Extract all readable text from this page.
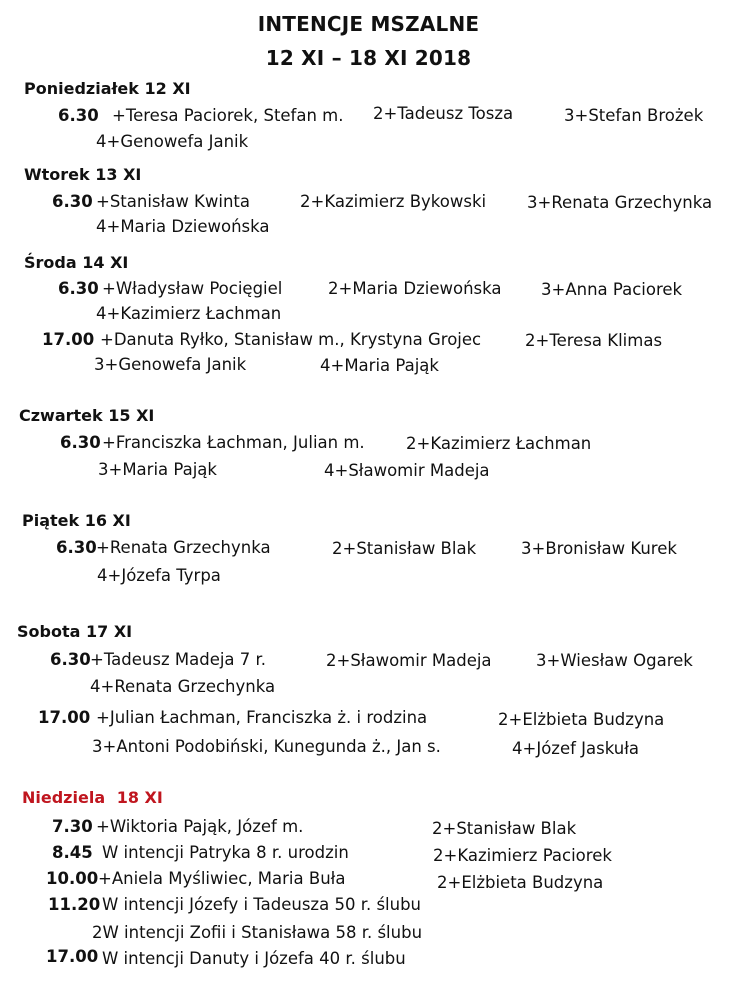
INTENCJE MSZALNE
12 XI – 18 XI 2018
Poniedziałek 12 XI
6.30 +Teresa Paciorek, Stefan m. 2+Tadeusz Tosza	3+Stefan Brożek
4+Genowefa Janik
Wtorek 13 XI
6.30 +Stanisław Kwinta	2+Kazimierz Bykowski 3+Renata Grzechynka
4+Maria Dziewońska
Środa 14 XI
6.30 +Władysław Pocięgiel	2+Maria Dziewońska 3+Anna Paciorek
4+Kazimierz Łachman
17.00 +Danuta Ryłko, Stanisław m., Krystyna Grojec	2+Teresa Klimas
3+Genowefa Janik	4+Maria Pająk
Czwartek 15 XI
6.30 +Franciszka Łachman, Julian m.	2+Kazimierz Łachman
3+Maria Pająk	4+Sławomir Madeja
Piątek 16 XI
6.30 +Renata Grzechynka	2+Stanisław Blak	3+Bronisław Kurek
4+Józefa Tyrpa
Sobota 17 XI
6.30 +Tadeusz Madeja 7 r.	2+Sławomir Madeja	3+Wiesław Ogarek
4+Renata Grzechynka
17.00 +Julian Łachman, Franciszka ż. i rodzina	2+Elżbieta Budzyna
3+Antoni Podobiński, Kunegunda ż., Jan s.	4+Józef Jaskuła
Niedziela 18 XI
7.30 +Wiktoria Pająk, Józef m.	2+Stanisław Blak
8.45 W intencji Patryka 8 r. urodzin	2+Kazimierz Paciorek
10.00 +Aniela Myśliwiec, Maria Buła	2+Elżbieta Budzyna
11.20 W intencji Józefy i Tadeusza 50 r. ślubu
2W intencji Zofii i Stanisława 58 r. ślubu
17.00 W intencji Danuty i Józefa 40 r. ślubu
